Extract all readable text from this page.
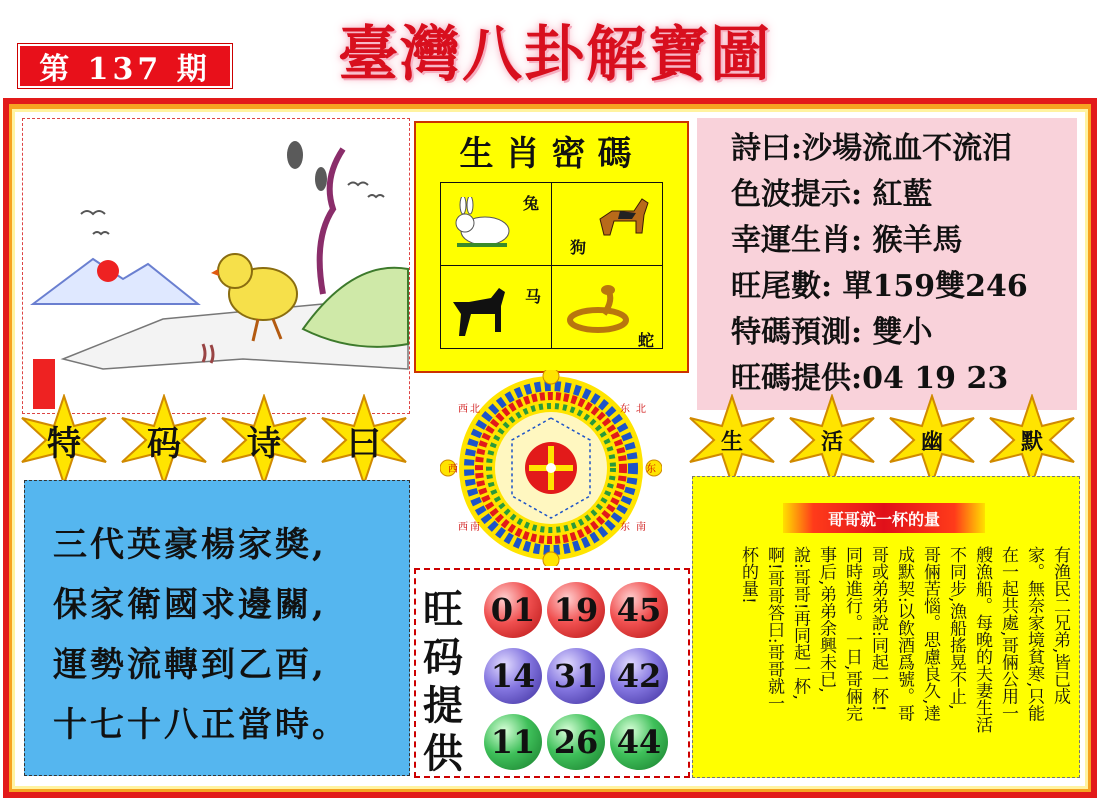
第 137 期	臺灣八卦解寶圖
生肖密碼
兔
狗
马
蛇
詩曰:沙場流血不流泪
色波提示: 紅藍
幸運生肖: 猴羊馬
旺尾數: 單159雙246
特碼預測: 雙小
旺碼提供:04 19 23
特	码	诗	曰	生	活	幽	默
西 北	东 北
西	东
西 南	东 南
三代英豪楊家獎,
保家衛國求邊關,
運勢流轉到乙酉,
十七十八正當時。
旺
码
提
供
01 19 45
14 31 42
11 26 44
哥哥就一杯的量
有渔民二兄弟,皆已成
家。無奈家境貧寒,只能
在一起共處,哥倆公用一
艘漁船。每晚的夫妻生活
不同步,漁船搖晃不止,
哥倆苦惱。思慮良久,達
成默契:以飲酒爲號。哥
哥或弟弟說:同起一杯!
同時進行。一日,哥倆完
事后,弟弟余興未已,
說:哥哥!再同起一杯,
啊!哥哥答曰:哥哥就一
杯的量!
